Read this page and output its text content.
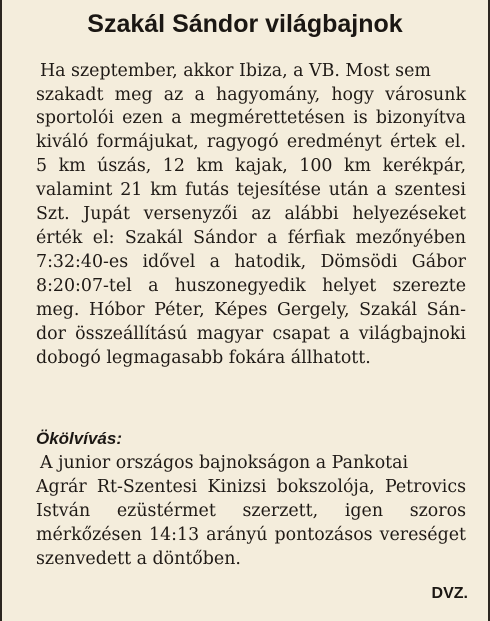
Szakál Sándor világbajnok
Ha szeptember, akkor Ibiza, a VB. Most sem
szakadt meg az a hagyomány, hogy városunk
sportolói ezen a megmérettetésen is bizonyítva
kiváló formájukat, ragyogó eredményt értek el.
5 km úszás, 12 km kajak, 100 km kerékpár,
valamint 21 km futás tejesítése után a szentesi
Szt. Jupát versenyzői az alábbi helyezéseket
érték el: Szakál Sándor a férfiak mezőnyében
7:32:40-es idővel a hatodik, Dömsödi Gábor
8:20:07-tel a huszonegyedik helyet szerezte
meg. Hóbor Péter, Képes Gergely, Szakál Sán-
dor összeállítású magyar csapat a világbajnoki
dobogó legmagasabb fokára állhatott.
Ökölvívás:
A junior országos bajnokságon a Pankotai
Agrár Rt-Szentesi Kinizsi bokszolója, Petrovics
István ezüstérmet szerzett, igen szoros
mérkőzésen 14:13 arányú pontozásos vereséget
szenvedett a döntőben.
DVZ.
